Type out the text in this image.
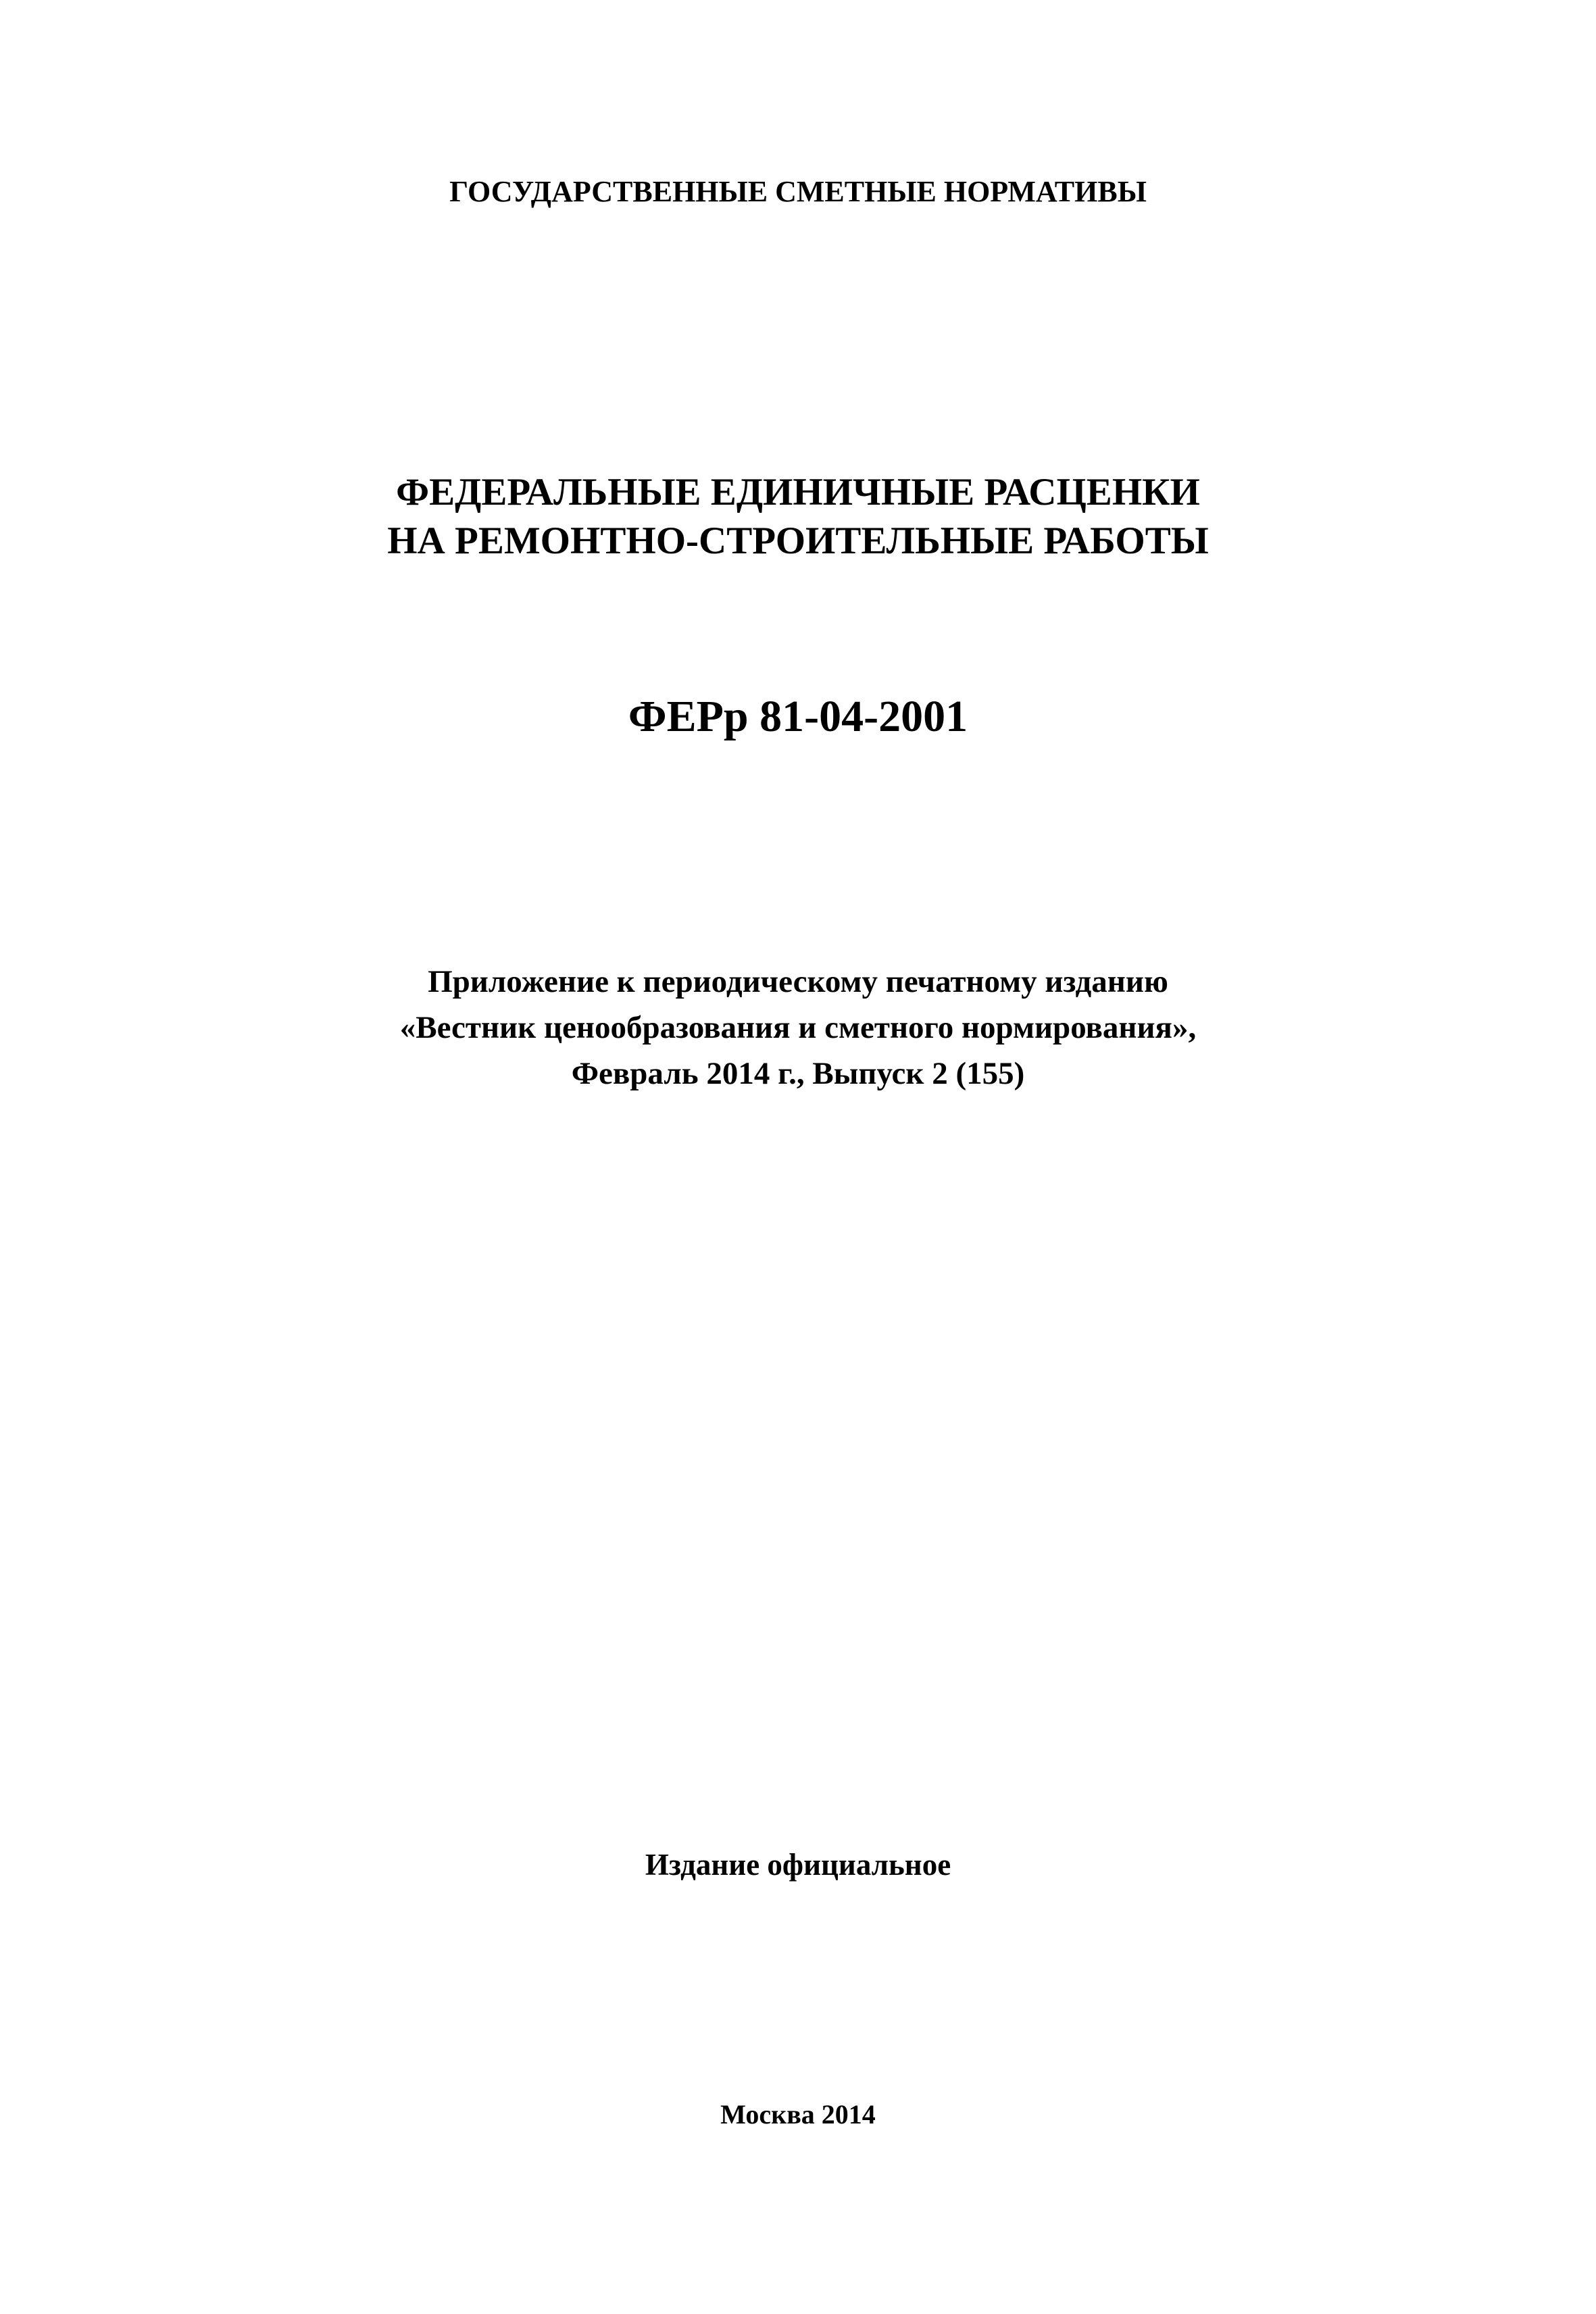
ГОСУДАРСТВЕННЫЕ СМЕТНЫЕ НОРМАТИВЫ
ФЕДЕРАЛЬНЫЕ ЕДИНИЧНЫЕ РАСЦЕНКИ
НА РЕМОНТНО-СТРОИТЕЛЬНЫЕ РАБОТЫ
ФЕРр 81-04-2001
Приложение к периодическому печатному изданию
«Вестник ценообразования и сметного нормирования»,
Февраль 2014 г., Выпуск 2 (155)
Издание официальное
Москва 2014
